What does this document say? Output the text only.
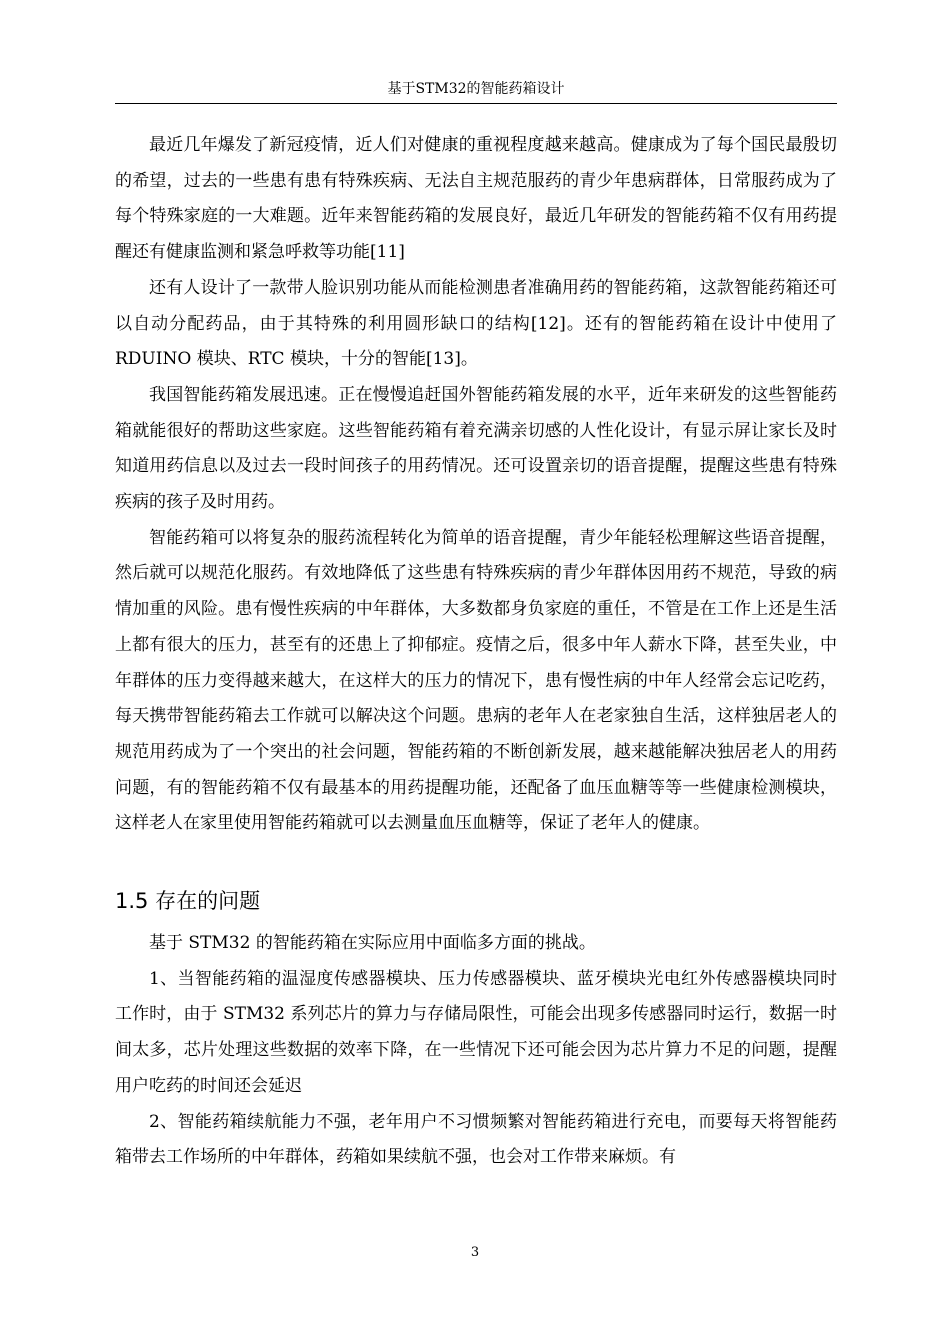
基于STM32的智能药箱设计

最近几年爆发了新冠疫情，近人们对健康的重视程度越来越高。健康成为了每个国民最殷切的希望，过去的一些患有患有特殊疾病、无法自主规范服药的青少年患病群体，日常服药成为了每个特殊家庭的一大难题。近年来智能药箱的发展良好，最近几年研发的智能药箱不仅有用药提醒还有健康监测和紧急呼救等功能[11]

还有人设计了一款带人脸识别功能从而能检测患者准确用药的智能药箱，这款智能药箱还可以自动分配药品，由于其特殊的利用圆形缺口的结构[12]。还有的智能药箱在设计中使用了 RDUINO 模块、RTC 模块，十分的智能[13]。

我国智能药箱发展迅速。正在慢慢追赶国外智能药箱发展的水平，近年来研发的这些智能药箱就能很好的帮助这些家庭。这些智能药箱有着充满亲切感的人性化设计，有显示屏让家长及时知道用药信息以及过去一段时间孩子的用药情况。还可设置亲切的语音提醒，提醒这些患有特殊疾病的孩子及时用药。

智能药箱可以将复杂的服药流程转化为简单的语音提醒，青少年能轻松理解这些语音提醒，然后就可以规范化服药。有效地降低了这些患有特殊疾病的青少年群体因用药不规范，导致的病情加重的风险。患有慢性疾病的中年群体，大多数都身负家庭的重任，不管是在工作上还是生活上都有很大的压力，甚至有的还患上了抑郁症。疫情之后，很多中年人薪水下降，甚至失业，中年群体的压力变得越来越大，在这样大的压力的情况下，患有慢性病的中年人经常会忘记吃药，每天携带智能药箱去工作就可以解决这个问题。患病的老年人在老家独自生活，这样独居老人的规范用药成为了一个突出的社会问题，智能药箱的不断创新发展，越来越能解决独居老人的用药问题，有的智能药箱不仅有最基本的用药提醒功能，还配备了血压血糖等等一些健康检测模块，这样老人在家里使用智能药箱就可以去测量血压血糖等，保证了老年人的健康。

1.5 存在的问题

基于 STM32 的智能药箱在实际应用中面临多方面的挑战。

1、当智能药箱的温湿度传感器模块、压力传感器模块、蓝牙模块光电红外传感器模块同时工作时，由于 STM32 系列芯片的算力与存储局限性，可能会出现多传感器同时运行，数据一时间太多，芯片处理这些数据的效率下降，在一些情况下还可能会因为芯片算力不足的问题，提醒用户吃药的时间还会延迟

2、智能药箱续航能力不强，老年用户不习惯频繁对智能药箱进行充电，而要每天将智能药箱带去工作场所的中年群体，药箱如果续航不强，也会对工作带来麻烦。有

3
